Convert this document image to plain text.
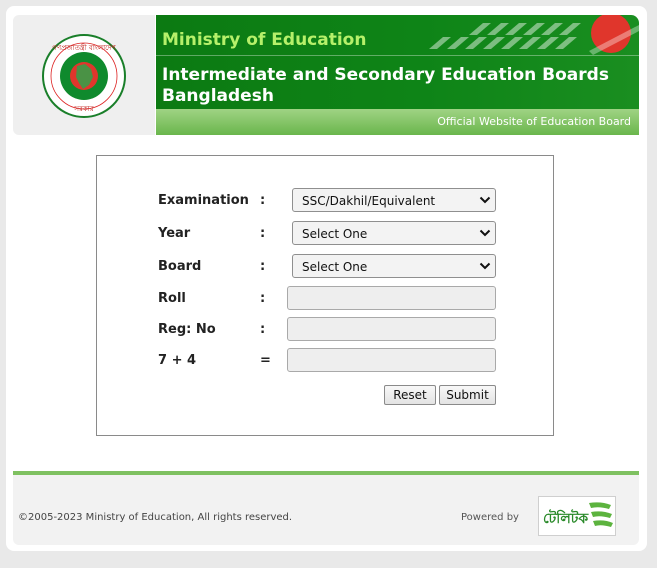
গণপ্রজাতন্ত্রী বাংলাদেশ
সরকার
Ministry of Education
Intermediate and Secondary Education Boards Bangladesh
Official Website of Education Board
Examination :	SSC/Dakhil/Equivalent
Year	:	Select One
Board	:	Select One
Roll	:
Reg: No	:
7 + 4	=
Reset	Submit
©2005-2023 Ministry of Education, All rights reserved.	Powered by টেলিটক
